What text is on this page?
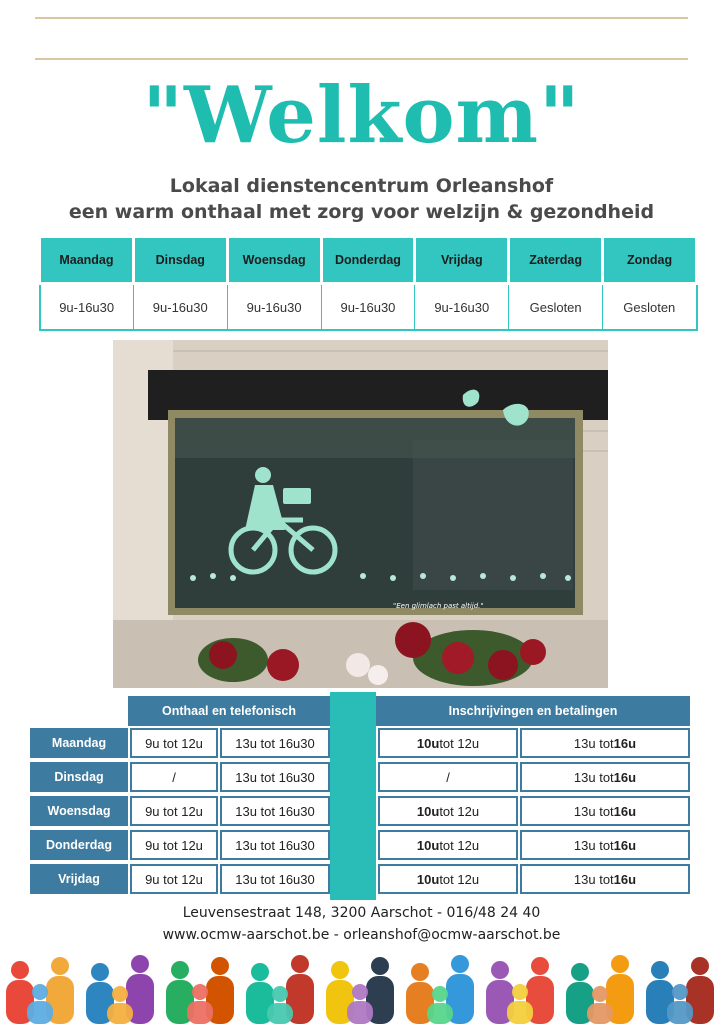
"Welkom"
Lokaal dienstencentrum Orleanshof
een warm onthaal met zorg voor welzijn & gezondheid
Maandag	Dinsdag	Woensdag	Donderdag	Vrijdag	Zaterdag	Zondag
9u-16u30	9u-16u30	9u-16u30	9u-16u30	9u-16u30	Gesloten	Gesloten
"Een glimlach past altijd."
Onthaal en telefonisch	Inschrijvingen en betalingen
Maandag	9u tot 12u	13u tot 16u30	10u tot 12u	13u tot 16u
Dinsdag	/	13u tot 16u30	/	13u tot 16u
Woensdag	9u tot 12u	13u tot 16u30	10u tot 12u	13u tot 16u
Donderdag	9u tot 12u	13u tot 16u30	10u tot 12u	13u tot 16u
Vrijdag	9u tot 12u	13u tot 16u30	10u tot 12u	13u tot 16u
Leuvensestraat 148, 3200 Aarschot - 016/48 24 40
www.ocmw-aarschot.be - orleanshof@ocmw-aarschot.be
